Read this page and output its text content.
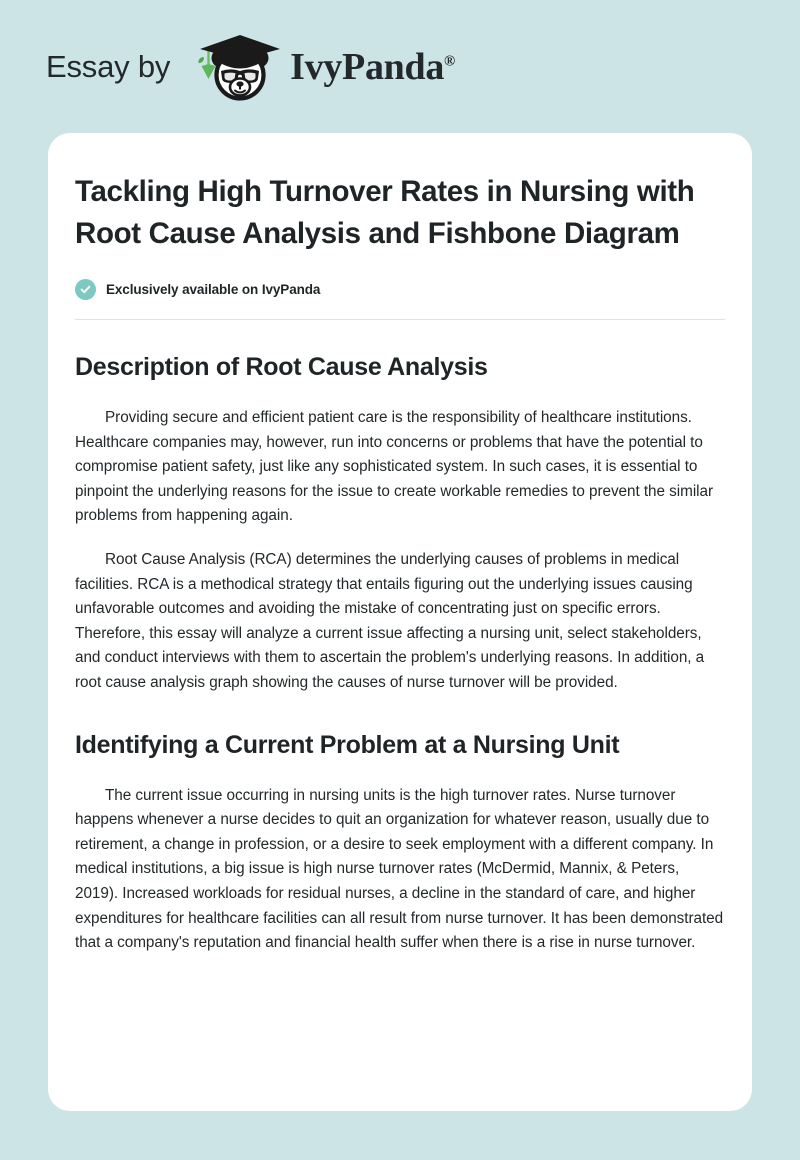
Essay by	IvyPanda®
Tackling High Turnover Rates in Nursing with Root Cause Analysis and Fishbone Diagram
Exclusively available on IvyPanda
Description of Root Cause Analysis

Providing secure and efficient patient care is the responsibility of healthcare institutions. Healthcare companies may, however, run into concerns or problems that have the potential to compromise patient safety, just like any sophisticated system. In such cases, it is essential to pinpoint the underlying reasons for the issue to create workable remedies to prevent the similar problems from happening again.

Root Cause Analysis (RCA) determines the underlying causes of problems in medical facilities. RCA is a methodical strategy that entails figuring out the underlying issues causing unfavorable outcomes and avoiding the mistake of concentrating just on specific errors. Therefore, this essay will analyze a current issue affecting a nursing unit, select stakeholders, and conduct interviews with them to ascertain the problem's underlying reasons. In addition, a root cause analysis graph showing the causes of nurse turnover will be provided.

Identifying a Current Problem at a Nursing Unit

The current issue occurring in nursing units is the high turnover rates. Nurse turnover happens whenever a nurse decides to quit an organization for whatever reason, usually due to retirement, a change in profession, or a desire to seek employment with a different company. In medical institutions, a big issue is high nurse turnover rates (McDermid, Mannix, & Peters, 2019). Increased workloads for residual nurses, a decline in the standard of care, and higher expenditures for healthcare facilities can all result from nurse turnover. It has been demonstrated that a company's reputation and financial health suffer when there is a rise in nurse turnover.
